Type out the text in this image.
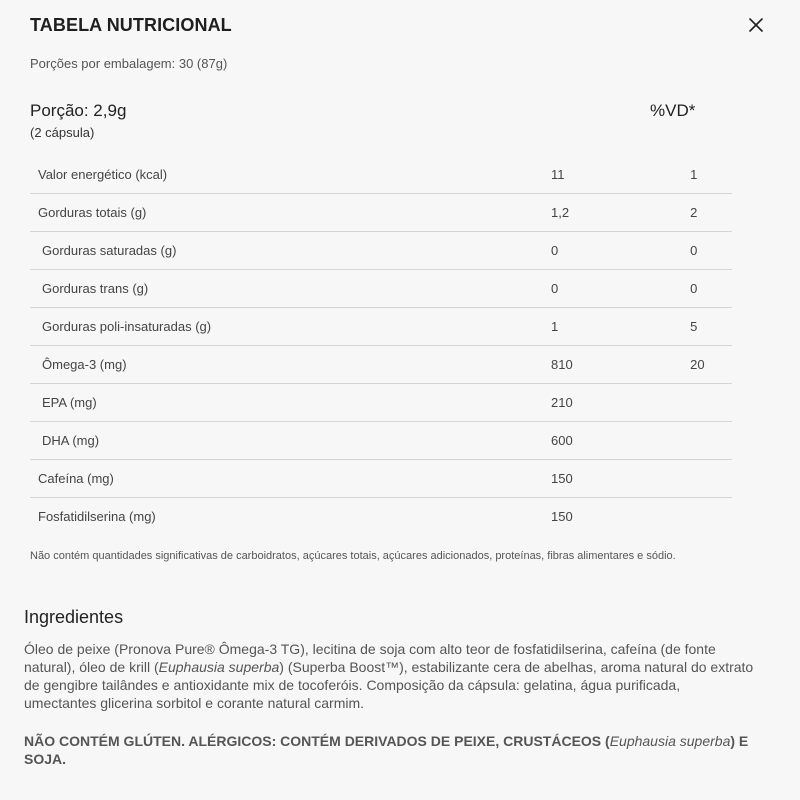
TABELA NUTRICIONAL
Porções por embalagem: 30 (87g)
Porção: 2,9g
(2 cápsula)
%VD*
Valor energético (kcal)	11	1
Gorduras totais (g)	1,2	2
Gorduras saturadas (g)	0	0
Gorduras trans (g)	0	0
Gorduras poli-insaturadas (g)	1	5
Ômega-3 (mg)	810	20
EPA (mg)	210	
DHA (mg)	600	
Cafeína (mg)	150	
Fosfatidilserina (mg)	150	
Não contém quantidades significativas de carboidratos, açúcares totais, açúcares adicionados, proteínas, fibras alimentares e sódio.
Ingredientes
Óleo de peixe (Pronova Pure® Ômega-3 TG), lecitina de soja com alto teor de fosfatidilserina, cafeína (de fonte natural), óleo de krill (Euphausia superba) (Superba Boost™), estabilizante cera de abelhas, aroma natural do extrato de gengibre tailândes e antioxidante mix de tocoferóis. Composição da cápsula: gelatina, água purificada, umectantes glicerina sorbitol e corante natural carmim.
NÃO CONTÉM GLÚTEN. ALÉRGICOS: CONTÉM DERIVADOS DE PEIXE, CRUSTÁCEOS (Euphausia superba) E SOJA.
